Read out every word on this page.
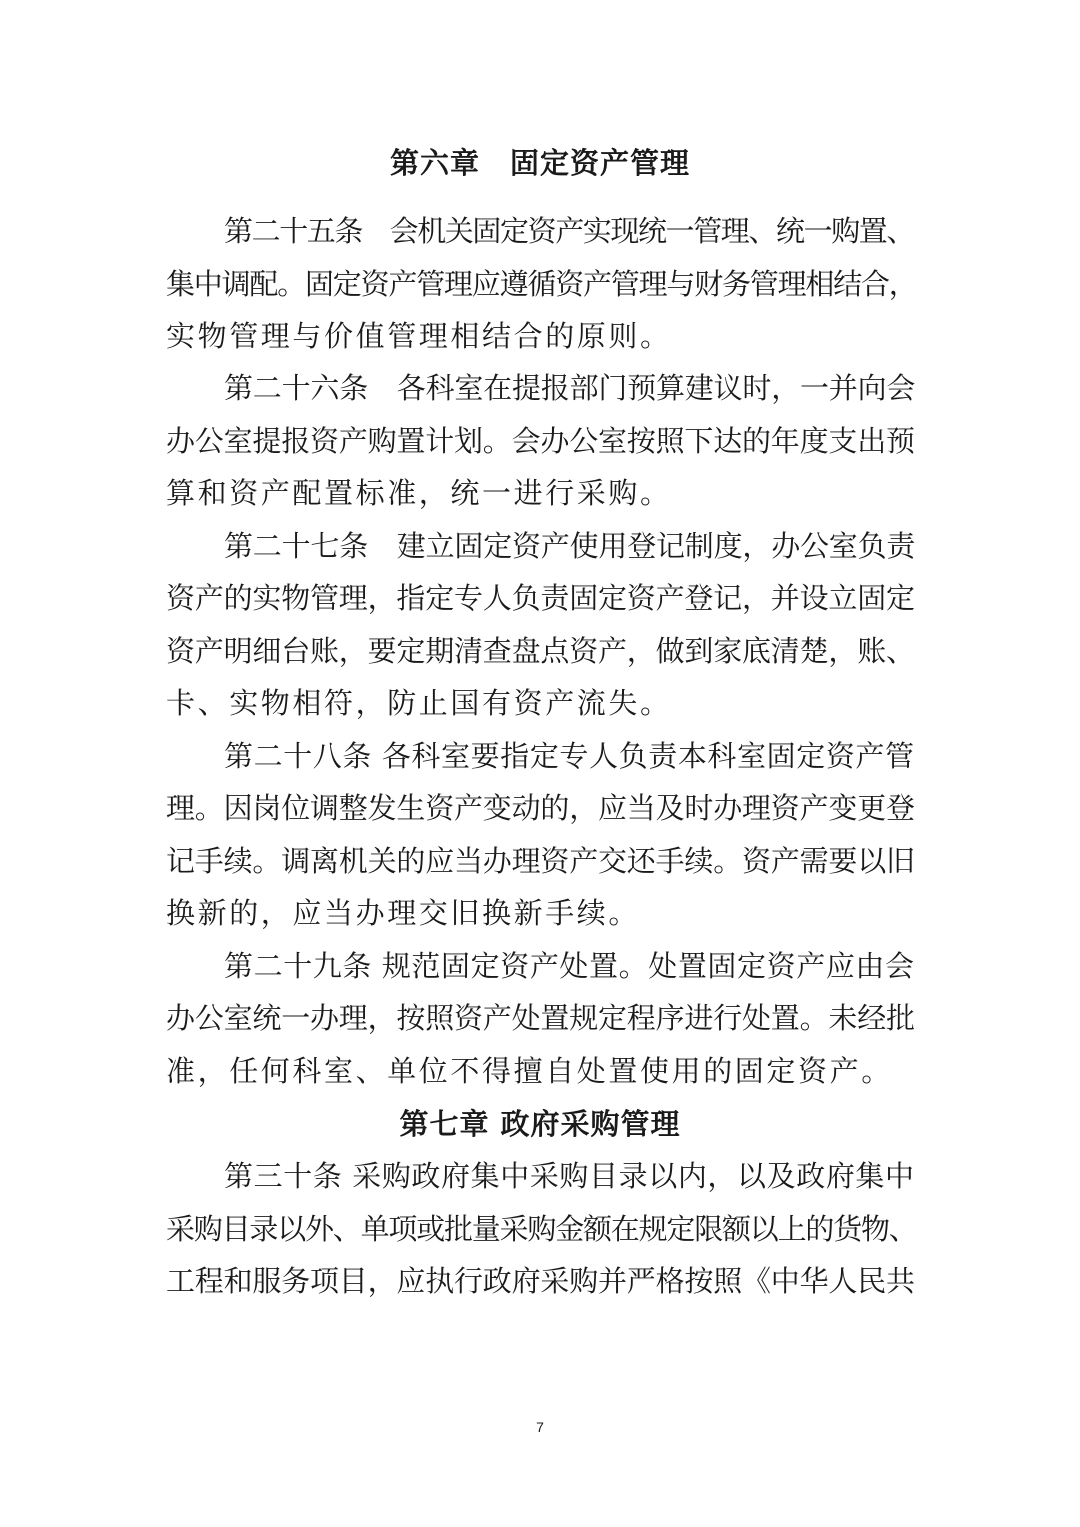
第六章　固定资产管理
第二十五条　会机关固定资产实现统一管理、统一购置、
集中调配。固定资产管理应遵循资产管理与财务管理相结合，
实物管理与价值管理相结合的原则。
第二十六条　各科室在提报部门预算建议时，一并向会
办公室提报资产购置计划。会办公室按照下达的年度支出预
算和资产配置标准，统一进行采购。
第二十七条　建立固定资产使用登记制度，办公室负责
资产的实物管理，指定专人负责固定资产登记，并设立固定
资产明细台账，要定期清查盘点资产，做到家底清楚，账、
卡、实物相符，防止国有资产流失。
第二十八条 各科室要指定专人负责本科室固定资产管
理。因岗位调整发生资产变动的，应当及时办理资产变更登
记手续。调离机关的应当办理资产交还手续。资产需要以旧
换新的，应当办理交旧换新手续。
第二十九条 规范固定资产处置。处置固定资产应由会
办公室统一办理，按照资产处置规定程序进行处置。未经批
准，任何科室、单位不得擅自处置使用的固定资产。
第七章 政府采购管理
第三十条 采购政府集中采购目录以内，以及政府集中
采购目录以外、单项或批量采购金额在规定限额以上的货物、
工程和服务项目，应执行政府采购并严格按照《中华人民共
7
